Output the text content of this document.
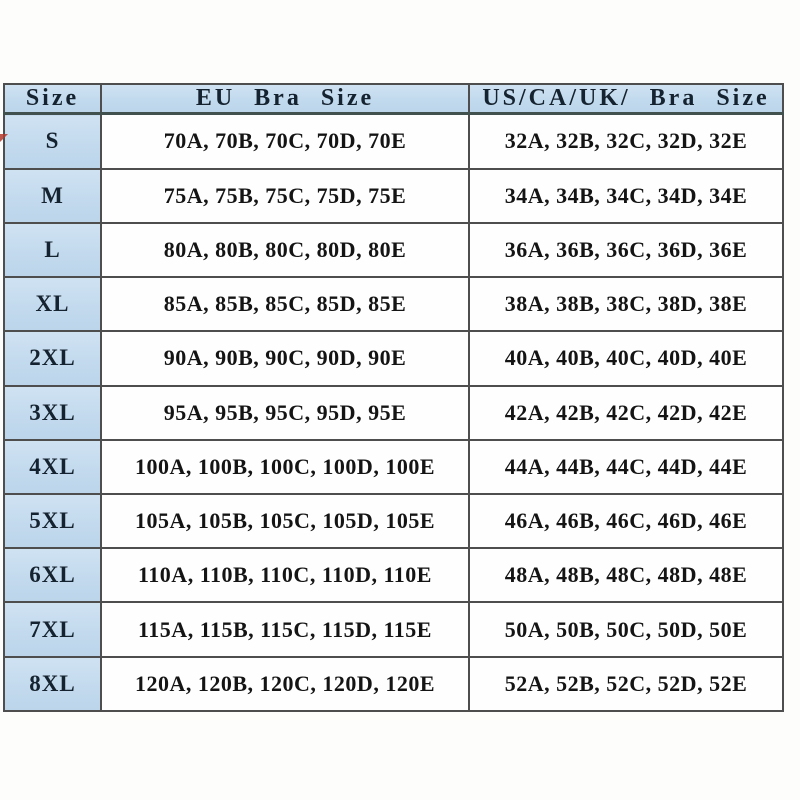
Size	EU Bra Size	US/CA/UK/ Bra Size
S	70A, 70B, 70C, 70D, 70E	32A, 32B, 32C, 32D, 32E
M	75A, 75B, 75C, 75D, 75E	34A, 34B, 34C, 34D, 34E
L	80A, 80B, 80C, 80D, 80E	36A, 36B, 36C, 36D, 36E
XL	85A, 85B, 85C, 85D, 85E	38A, 38B, 38C, 38D, 38E
2XL	90A, 90B, 90C, 90D, 90E	40A, 40B, 40C, 40D, 40E
3XL	95A, 95B, 95C, 95D, 95E	42A, 42B, 42C, 42D, 42E
4XL	100A, 100B, 100C, 100D, 100E	44A, 44B, 44C, 44D, 44E
5XL	105A, 105B, 105C, 105D, 105E	46A, 46B, 46C, 46D, 46E
6XL	110A, 110B, 110C, 110D, 110E	48A, 48B, 48C, 48D, 48E
7XL	115A, 115B, 115C, 115D, 115E	50A, 50B, 50C, 50D, 50E
8XL	120A, 120B, 120C, 120D, 120E	52A, 52B, 52C, 52D, 52E
